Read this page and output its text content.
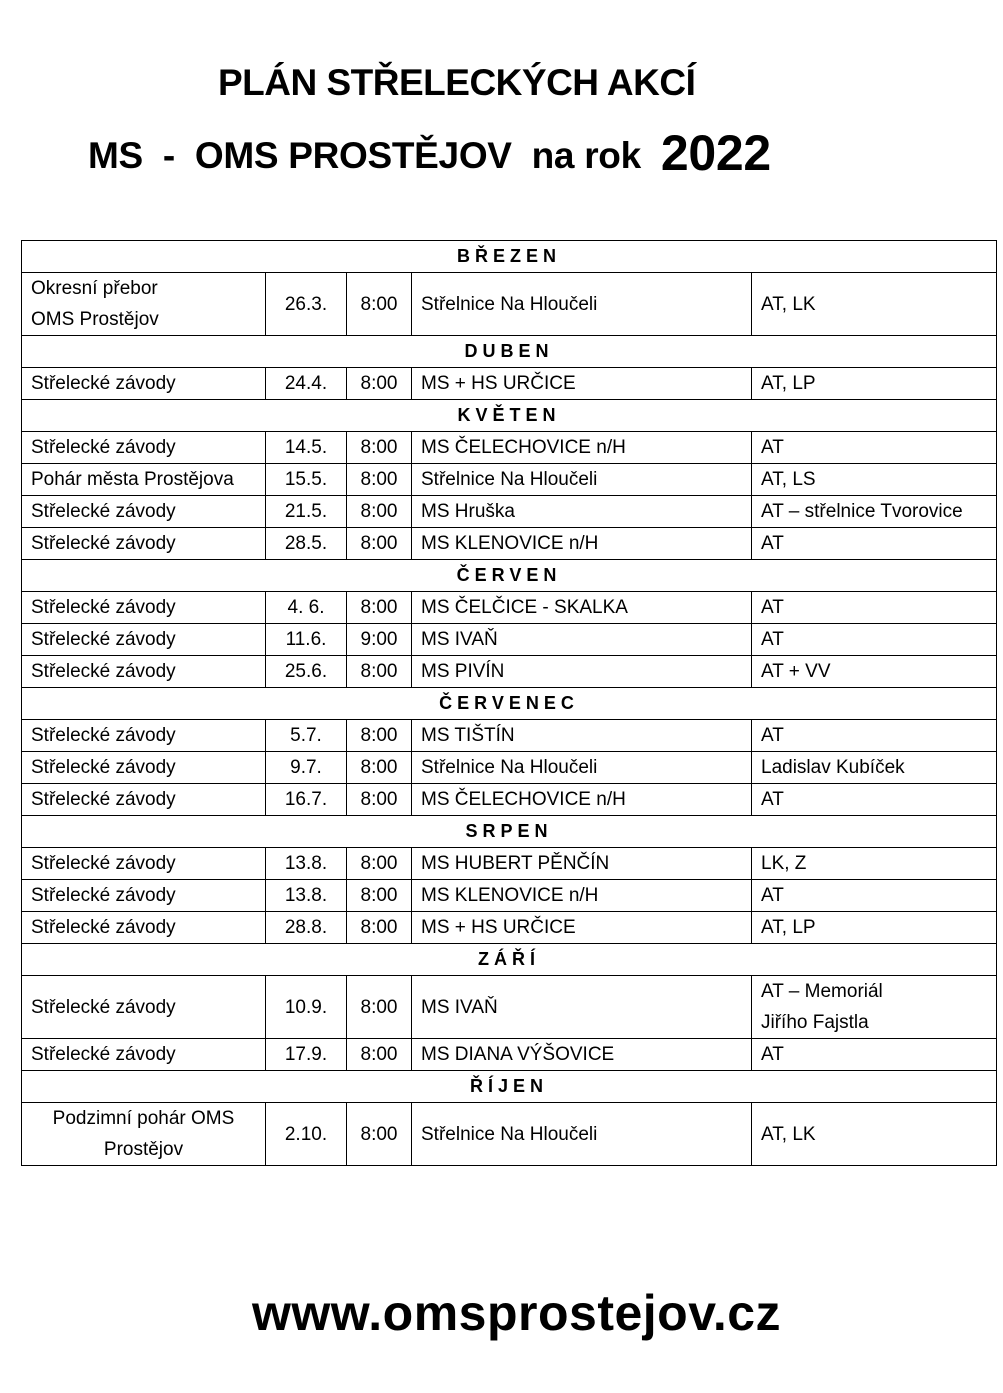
PLÁN STŘELECKÝCH AKCÍ
MS  -  OMS PROSTĚJOV  na rok  2022
BŘEZEN				

Okresní přebor
OMS Prostějov	26.3.	8:00	Střelnice Na Hloučeli	AT, LK

DUBEN				

Střelecké závody	24.4.	8:00	MS + HS URČICE	AT, LP

KVĚTEN				

Střelecké závody	14.5.	8:00	MS ČELECHOVICE n/H	AT

Pohár města Prostějova	15.5.	8:00	Střelnice Na Hloučeli	AT, LS

Střelecké závody	21.5.	8:00	MS Hruška	AT – střelnice Tvorovice

Střelecké závody	28.5.	8:00	MS KLENOVICE n/H	AT

ČERVEN				

Střelecké závody	4. 6.	8:00	MS ČELČICE - SKALKA	AT

Střelecké závody	11.6.	9:00	MS IVAŇ	AT

Střelecké závody	25.6.	8:00	MS PIVÍN	AT + VV

ČERVENEC				

Střelecké závody	5.7.	8:00	MS TIŠTÍN	AT

Střelecké závody	9.7.	8:00	Střelnice Na Hloučeli	Ladislav Kubíček

Střelecké závody	16.7.	8:00	MS ČELECHOVICE n/H	AT

SRPEN				

Střelecké závody	13.8.	8:00	MS HUBERT PĚNČÍN	LK, Z

Střelecké závody	13.8.	8:00	MS KLENOVICE n/H	AT

Střelecké závody	28.8.	8:00	MS + HS URČICE	AT, LP

ZÁŘÍ				

Střelecké závody	10.9.	8:00	MS IVAŇ	AT – Memoriál
Jiřího Fajstla

Střelecké závody	17.9.	8:00	MS DIANA VÝŠOVICE	AT

ŘÍJEN				

Podzimní pohár OMS
Prostějov	2.10.	8:00	Střelnice Na Hloučeli	AT, LK
www.omsprostejov.cz
